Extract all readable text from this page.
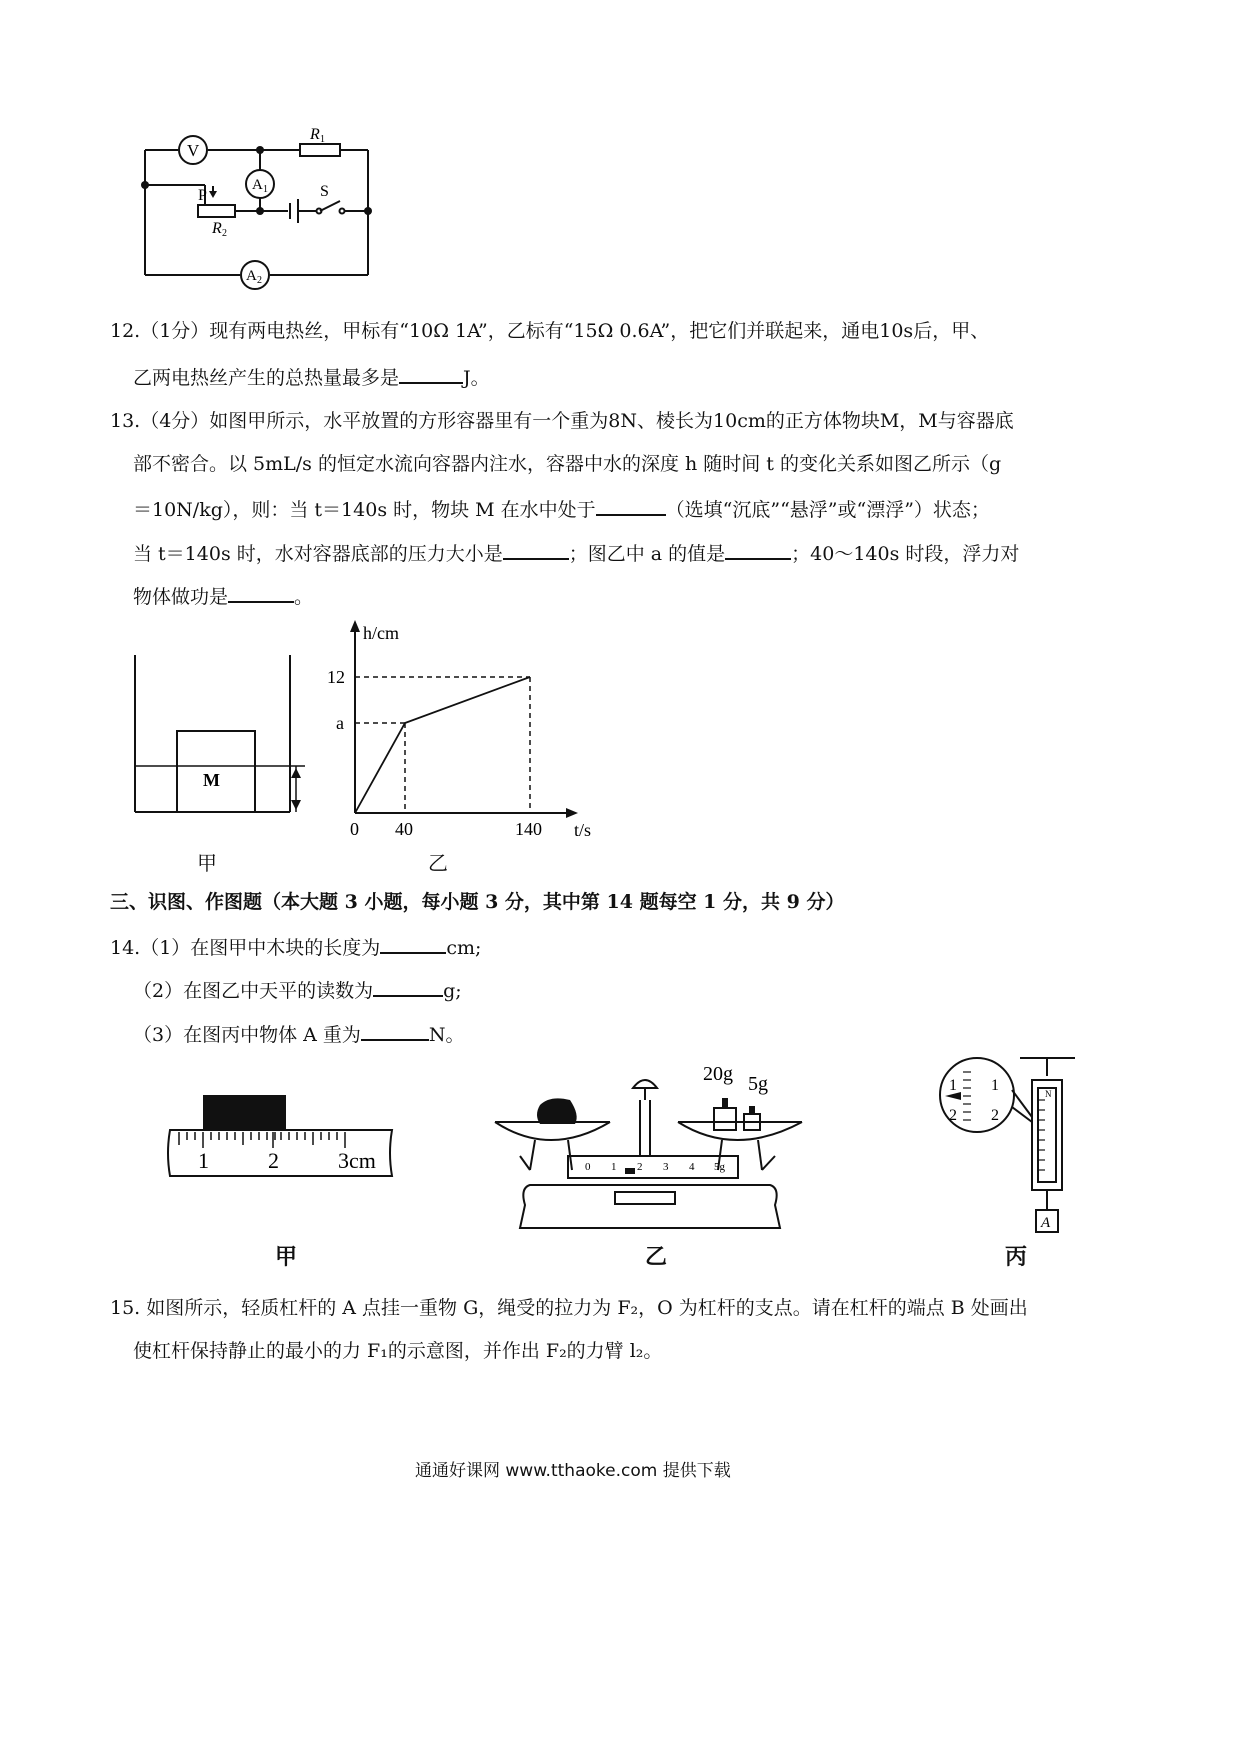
V
A 1
A 2
R 1
R 2
P	S
12.（1分）现有两电热丝，甲标有“10Ω 1A”，乙标有“15Ω 0.6A”，把它们并联起来，通电10s后，甲、
乙两电热丝产生的总热量最多是	J。
13.（4分）如图甲所示，水平放置的方形容器里有一个重为8N、棱长为10cm的正方体物块M，M与容器底
部不密合。以 5mL/s 的恒定水流向容器内注水，容器中水的深度 h 随时间 t 的变化关系如图乙所示（g
＝10N/kg），则：当 t＝140s 时，物块 M 在水中处于	（选填“沉底”“悬浮”或“漂浮”）状态；
当 t＝140s 时，水对容器底部的压力大小是	；图乙中 a 的值是	；40～140s 时段，浮力对
物体做功是	。
M
甲
h/cm
t/s
0 40	140
a
12
乙
三、识图、作图题（本大题 3 小题，每小题 3 分，其中第 14 题每空 1 分，共 9 分）
14.（1）在图甲中木块的长度为	cm;
（2）在图乙中天平的读数为	g;
（3）在图丙中物体 A 重为	N。
1	2	3cm
甲
20g 5g
0 1 2 3 4 5g
乙
N
1 1
2 2
A
丙
15. 如图所示，轻质杠杆的 A 点挂一重物 G，绳受的拉力为 F₂，O 为杠杆的支点。请在杠杆的端点 B 处画出
使杠杆保持静止的最小的力 F₁的示意图，并作出 F₂的力臂 l₂。
通通好课网 www.tthaoke.com 提供下载
